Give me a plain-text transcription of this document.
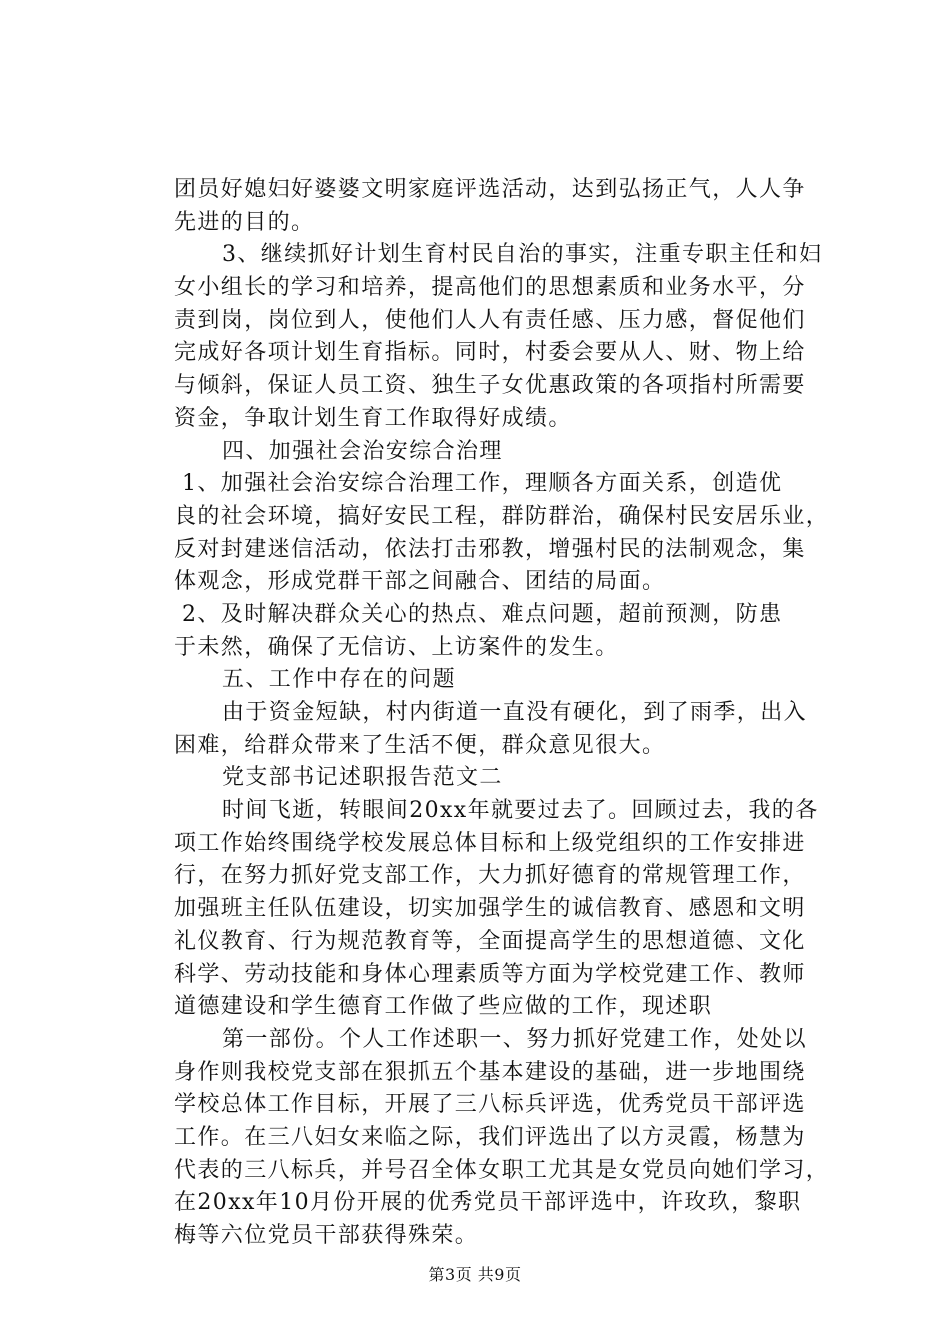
团员好媳妇好婆婆文明家庭评选活动，达到弘扬正气，人人争
先进的目的。
3、继续抓好计划生育村民自治的事实，注重专职主任和妇
女小组长的学习和培养，提高他们的思想素质和业务水平，分
责到岗，岗位到人，使他们人人有责任感、压力感，督促他们
完成好各项计划生育指标。同时，村委会要从人、财、物上给
与倾斜，保证人员工资、独生子女优惠政策的各项指村所需要
资金，争取计划生育工作取得好成绩。
四、加强社会治安综合治理
1、加强社会治安综合治理工作，理顺各方面关系，创造优
良的社会环境，搞好安民工程，群防群治，确保村民安居乐业，
反对封建迷信活动，依法打击邪教，增强村民的法制观念，集
体观念，形成党群干部之间融合、团结的局面。
2、及时解决群众关心的热点、难点问题，超前预测，防患
于未然，确保了无信访、上访案件的发生。
五、工作中存在的问题
由于资金短缺，村内街道一直没有硬化，到了雨季，出入
困难，给群众带来了生活不便，群众意见很大。
党支部书记述职报告范文二
时间飞逝，转眼间20xx年就要过去了。回顾过去，我的各
项工作始终围绕学校发展总体目标和上级党组织的工作安排进
行，在努力抓好党支部工作，大力抓好德育的常规管理工作，
加强班主任队伍建设，切实加强学生的诚信教育、感恩和文明
礼仪教育、行为规范教育等，全面提高学生的思想道德、文化
科学、劳动技能和身体心理素质等方面为学校党建工作、教师
道德建设和学生德育工作做了些应做的工作，现述职
第一部份。个人工作述职一、努力抓好党建工作，处处以
身作则我校党支部在狠抓五个基本建设的基础，进一步地围绕
学校总体工作目标，开展了三八标兵评选，优秀党员干部评选
工作。在三八妇女来临之际，我们评选出了以方灵霞，杨慧为
代表的三八标兵，并号召全体女职工尤其是女党员向她们学习，
在20xx年10月份开展的优秀党员干部评选中，许玫玖，黎职
梅等六位党员干部获得殊荣。
第3页 共9页
